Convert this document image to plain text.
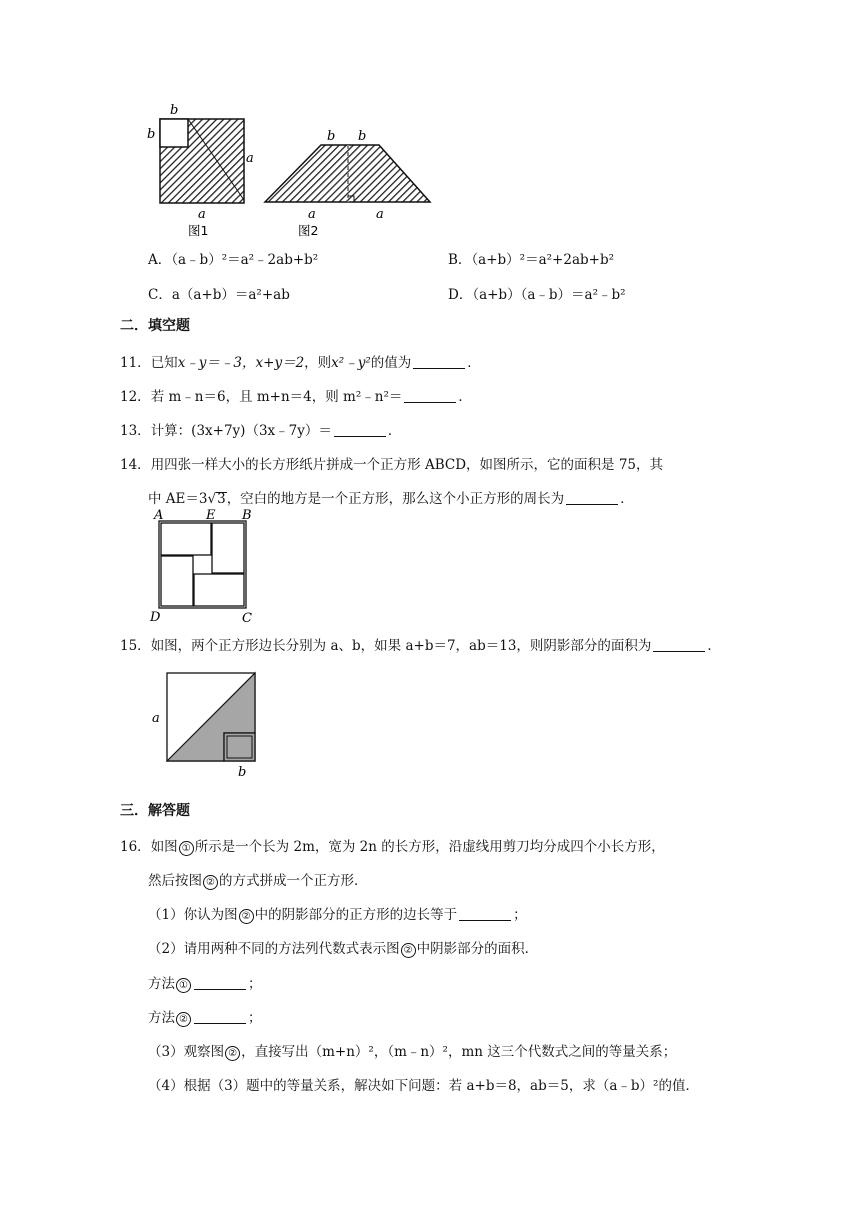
b
b
a
a
图1
b b
a	a
图2
A．（a﹣b）²＝a²﹣2ab+b²	B．（a+b）²＝a²+2ab+b²
C．a（a+b）＝a²+ab	D．（a+b）（a﹣b）＝a²﹣b²
二．填空题
11．已知x﹣y＝﹣3，x+y＝2，则x²﹣y²的值为	．
12．若 m﹣n＝6，且 m+n＝4，则 m²﹣n²＝	．
13．计算：(3x+7y)（3x﹣7y）＝	．
14．用四张一样大小的长方形纸片拼成一个正方形 ABCD，如图所示，它的面积是 75，其
中 AE＝3√3，空白的地方是一个正方形，那么这个小正方形的周长为	．
A	E B
D	C
15．如图，两个正方形边长分别为 a、b，如果 a+b＝7，ab＝13，则阴影部分的面积为	．
a
b
三．解答题
16．如图 ① 所示是一个长为 2m，宽为 2n 的长方形，沿虚线用剪刀均分成四个小长方形，
然后按图 ② 的方式拼成一个正方形．
（1）你认为图 ② 中的阴影部分的正方形的边长等于	；
（2）请用两种不同的方法列代数式表示图 ② 中阴影部分的面积．
方法 ①	；
方法 ②	；
（3）观察图 ② ，直接写出（m+n）²，（m﹣n）²，mn 这三个代数式之间的等量关系；
（4）根据（3）题中的等量关系，解决如下问题：若 a+b＝8，ab＝5，求（a﹣b）²的值．
